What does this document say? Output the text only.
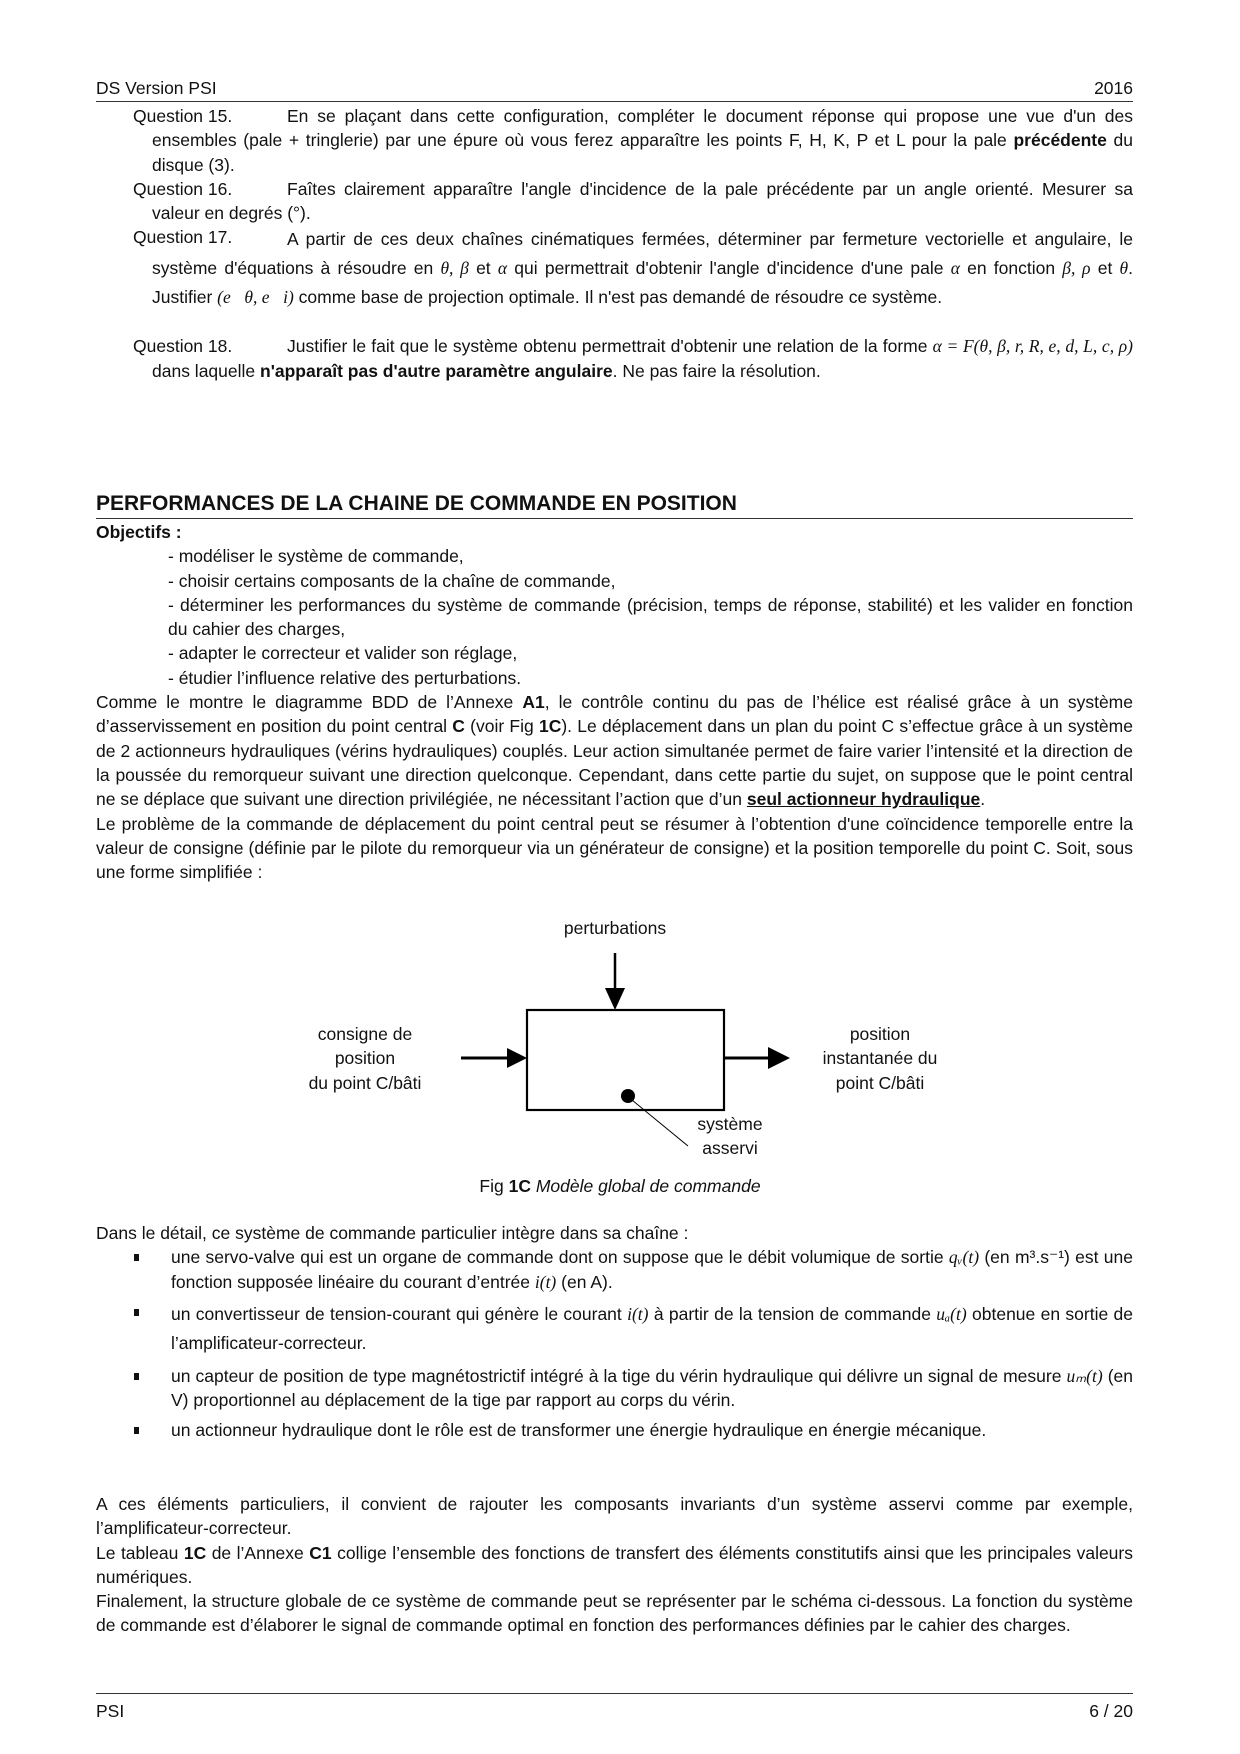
DS Version PSI	2016
Question 15.	En se plaçant dans cette configuration, compléter le document réponse qui propose une vue d'un des ensembles (pale + tringlerie) par une épure où vous ferez apparaître les points F, H, K, P et L pour la pale précédente du disque (3).
Question 16.	Faîtes clairement apparaître l'angle d'incidence de la pale précédente par un angle orienté. Mesurer sa valeur en degrés (°).
Question 17.	A partir de ces deux chaînes cinématiques fermées, déterminer par fermeture vectorielle et angulaire, le système d'équations à résoudre en θ, β et α qui permettrait d'obtenir l'angle d'incidence d'une pale α en fonction β, ρ et θ. Justifier (e⃗θ, e⃗i) comme base de projection optimale. Il n'est pas demandé de résoudre ce système.
Question 18.	Justifier le fait que le système obtenu permettrait d'obtenir une relation de la forme α = F(θ, β, r, R, e, d, L, c, ρ) dans laquelle n'apparaît pas d'autre paramètre angulaire. Ne pas faire la résolution.
PERFORMANCES DE LA CHAINE DE COMMANDE EN POSITION
Objectifs :
- modéliser le système de commande,
- choisir certains composants de la chaîne de commande,
- déterminer les performances du système de commande (précision, temps de réponse, stabilité) et les valider en fonction du cahier des charges,
- adapter le correcteur et valider son réglage,
- étudier l’influence relative des perturbations.
Comme le montre le diagramme BDD de l’Annexe A1, le contrôle continu du pas de l’hélice est réalisé grâce à un système d’asservissement en position du point central C (voir Fig 1C). Le déplacement dans un plan du point C s’effectue grâce à un système de 2 actionneurs hydrauliques (vérins hydrauliques) couplés. Leur action simultanée permet de faire varier l’intensité et la direction de la poussée du remorqueur suivant une direction quelconque. Cependant, dans cette partie du sujet, on suppose que le point central ne se déplace que suivant une direction privilégiée, ne nécessitant l’action que d’un seul actionneur hydraulique.
Le problème de la commande de déplacement du point central peut se résumer à l’obtention d'une coïncidence temporelle entre la valeur de consigne (définie par le pilote du remorqueur via un générateur de consigne) et la position temporelle du point C. Soit, sous une forme simplifiée :
perturbations
consigne de
position
du point C/bâti
position
instantanée du
point C/bâti
système
asservi
Fig 1C Modèle global de commande
Dans le détail, ce système de commande particulier intègre dans sa chaîne :
une servo-valve qui est un organe de commande dont on suppose que le débit volumique de sortie qᵥ(t) (en m³.s⁻¹) est une fonction supposée linéaire du courant d’entrée i(t) (en A).
un convertisseur de tension-courant qui génère le courant i(t) à partir de la tension de commande uₐ(t) obtenue en sortie de l’amplificateur-correcteur.
un capteur de position de type magnétostrictif intégré à la tige du vérin hydraulique qui délivre un signal de mesure uₘ(t) (en V) proportionnel au déplacement de la tige par rapport au corps du vérin.
un actionneur hydraulique dont le rôle est de transformer une énergie hydraulique en énergie mécanique.
A ces éléments particuliers, il convient de rajouter les composants invariants d’un système asservi comme par exemple, l’amplificateur-correcteur.
Le tableau 1C de l’Annexe C1 collige l’ensemble des fonctions de transfert des éléments constitutifs ainsi que les principales valeurs numériques.
Finalement, la structure globale de ce système de commande peut se représenter par le schéma ci-dessous. La fonction du système de commande est d’élaborer le signal de commande optimal en fonction des performances définies par le cahier des charges.
PSI	6 / 20
